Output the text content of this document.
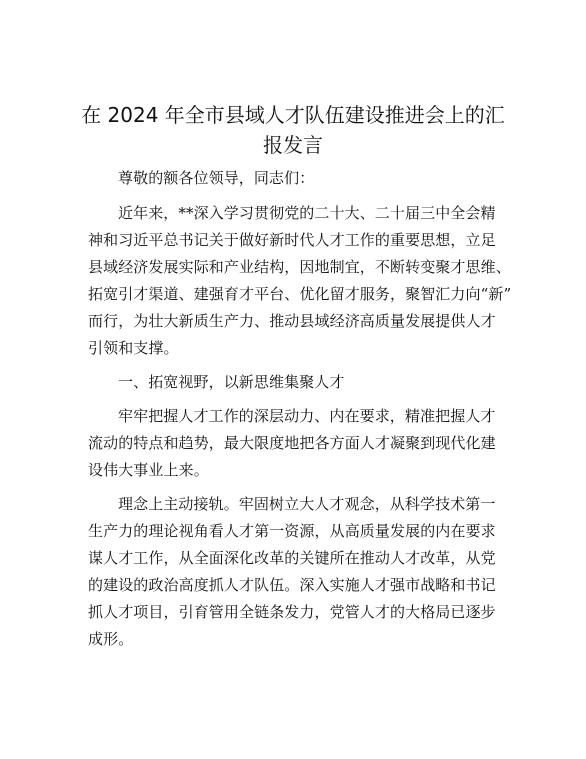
在 2024 年全市县域人才队伍建设推进会上的汇
报发言
尊敬的额各位领导，同志们：
近年来，**深入学习贯彻党的二十大、二十届三中全会精
神和习近平总书记关于做好新时代人才工作的重要思想，立足
县域经济发展实际和产业结构，因地制宜，不断转变聚才思维、
拓宽引才渠道、建强育才平台、优化留才服务，聚智汇力向“新”
而行，为壮大新质生产力、推动县域经济高质量发展提供人才
引领和支撑。
一、拓宽视野，以新思维集聚人才
牢牢把握人才工作的深层动力、内在要求，精准把握人才
流动的特点和趋势，最大限度地把各方面人才凝聚到现代化建
设伟大事业上来。
理念上主动接轨。牢固树立大人才观念，从科学技术第一
生产力的理论视角看人才第一资源，从高质量发展的内在要求
谋人才工作，从全面深化改革的关键所在推动人才改革，从党
的建设的政治高度抓人才队伍。深入实施人才强市战略和书记
抓人才项目，引育管用全链条发力，党管人才的大格局已逐步
成形。
